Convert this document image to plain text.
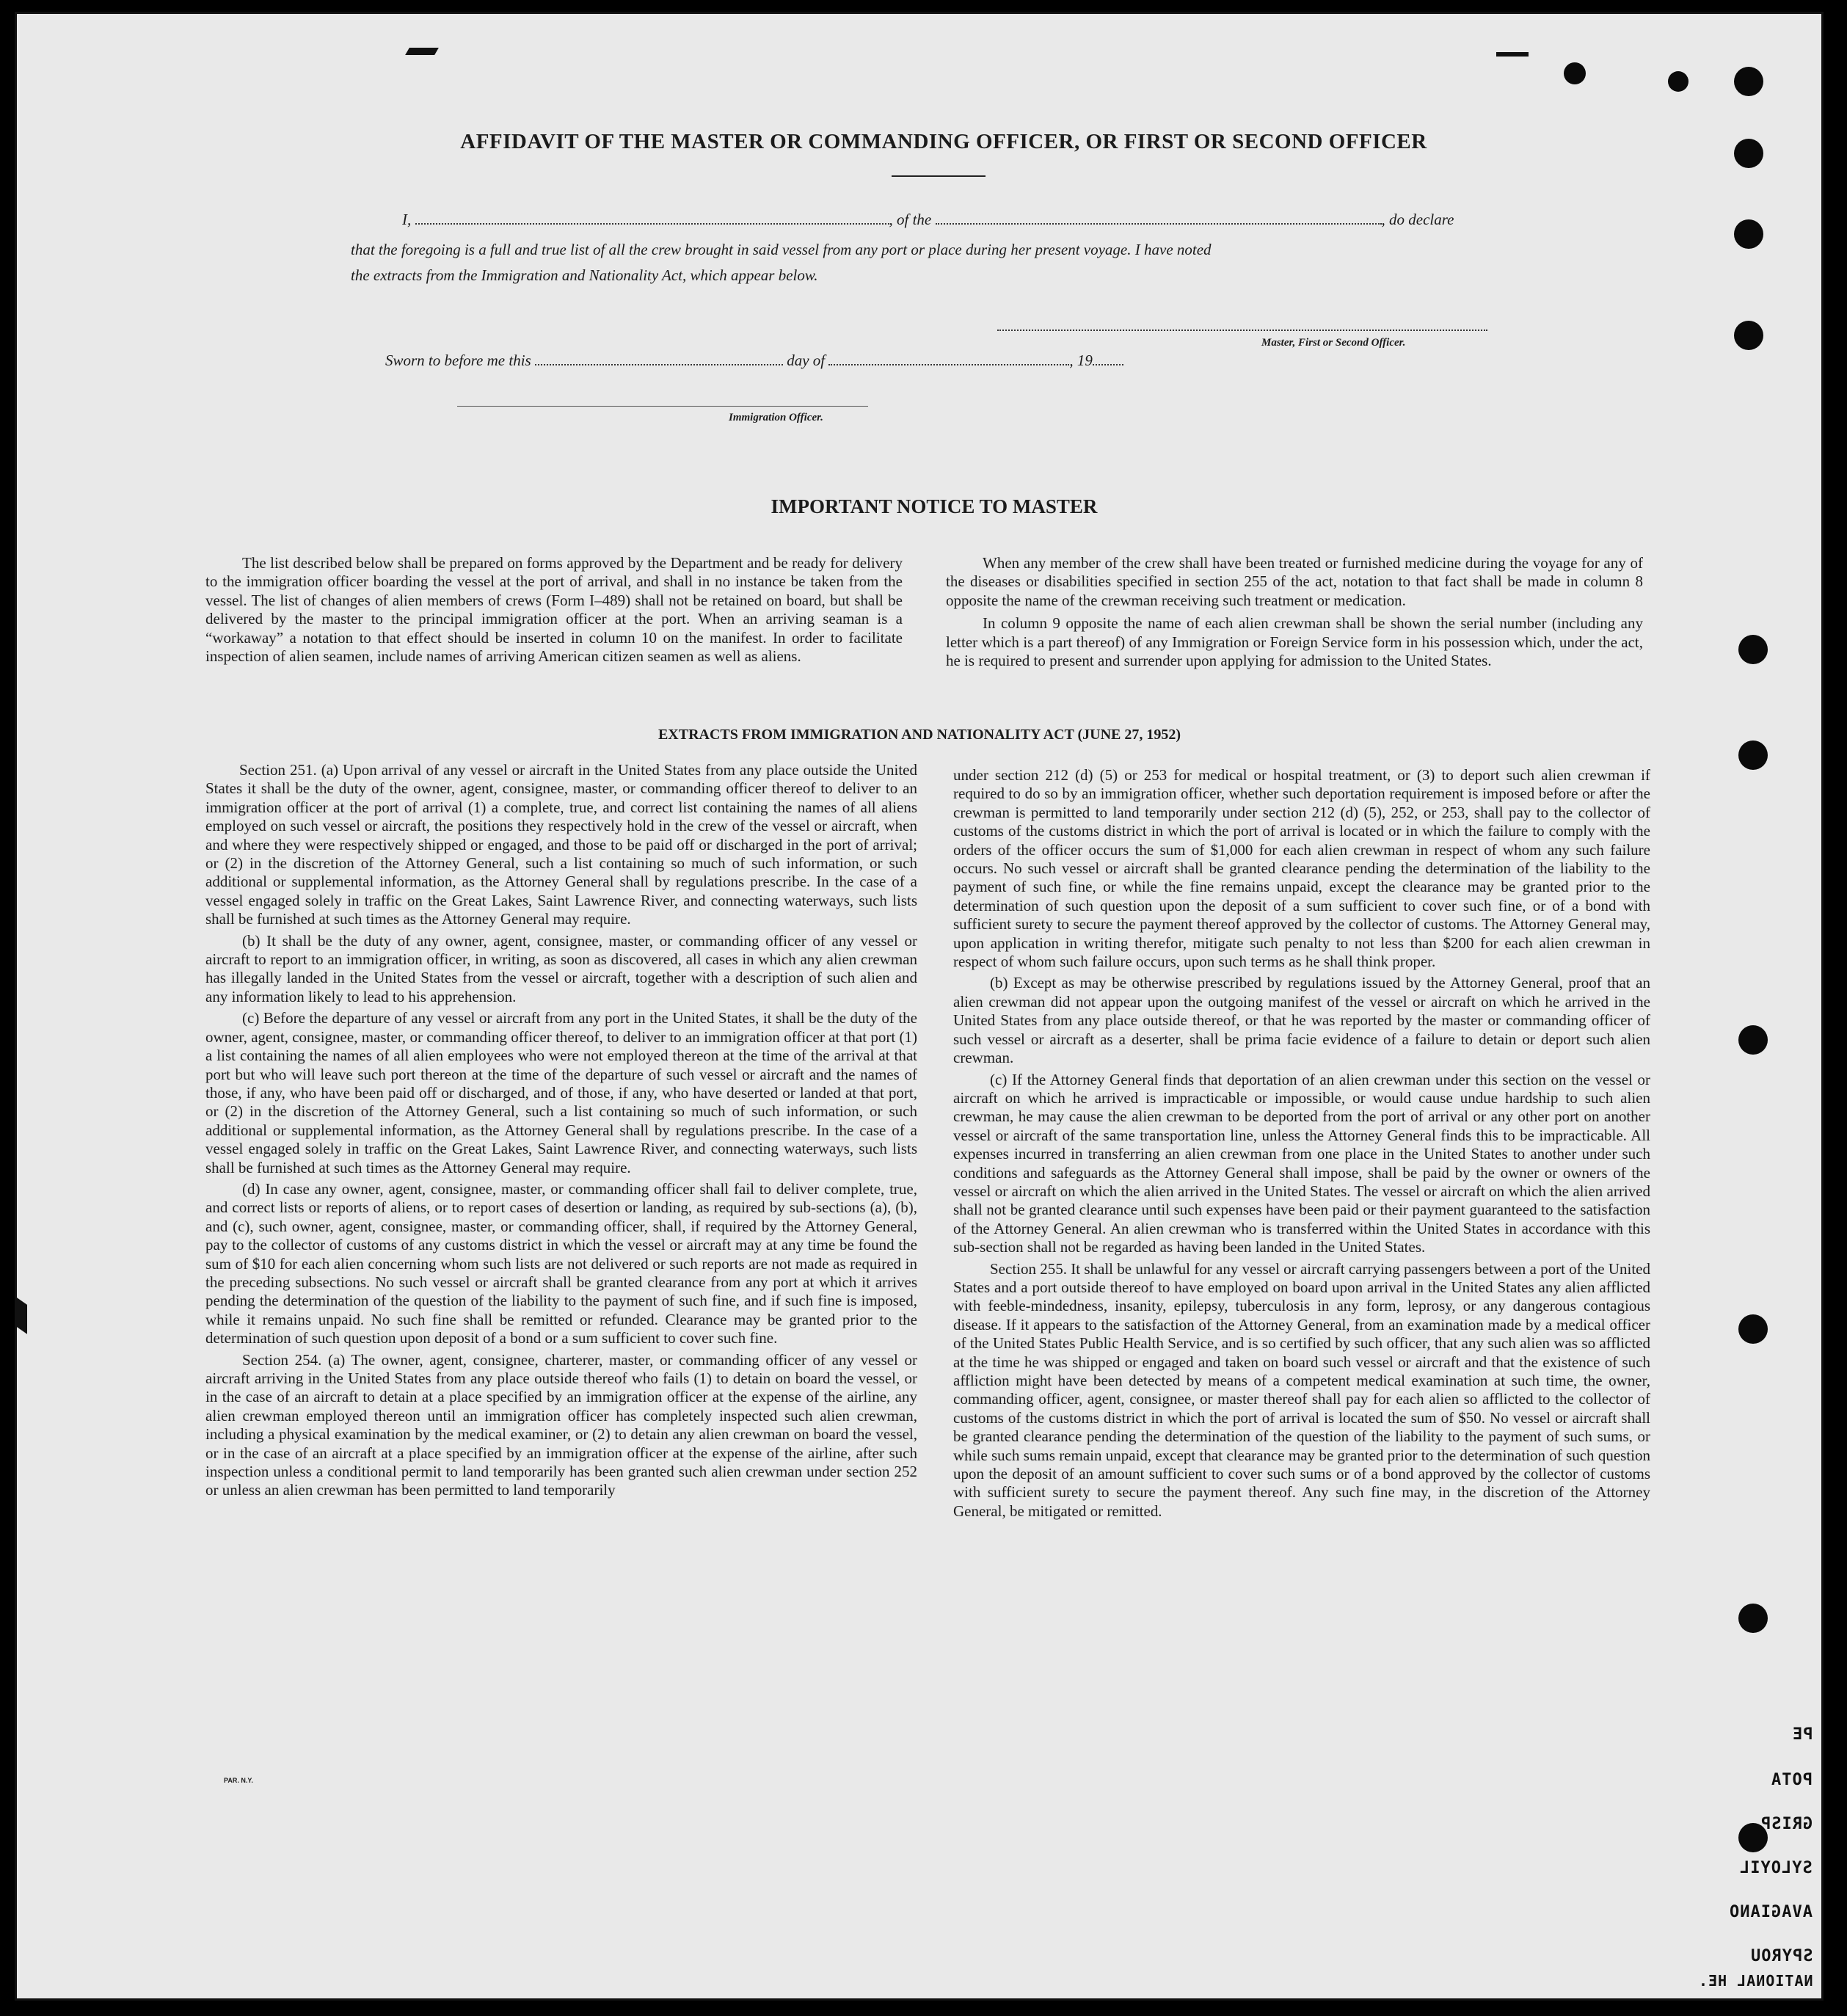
AFFIDAVIT OF THE MASTER OR COMMANDING OFFICER, OR FIRST OR SECOND OFFICER
I,	, of the	, do declare
that the foregoing is a full and true list of all the crew brought in said vessel from any port or place during her present voyage. I have noted
the extracts from the Immigration and Nationality Act, which appear below.
Master, First or Second Officer.
Sworn to before me this	day of	, 19
Immigration Officer.
IMPORTANT NOTICE TO MASTER

The list described below shall be prepared on forms approved by the Department and be ready for delivery to the immigration officer boarding the vessel at the port of arrival, and shall in no instance be taken from the vessel. The list of changes of alien members of crews (Form I–489) shall not be retained on board, but shall be delivered by the master to the principal immigration officer at the port. When an arriving seaman is a “workaway” a notation to that effect should be inserted in column 10 on the manifest. In order to facilitate inspection of alien seamen, include names of arriving American citizen seamen as well as aliens.

When any member of the crew shall have been treated or furnished medicine during the voyage for any of the diseases or disabilities specified in section 255 of the act, notation to that fact shall be made in column 8 opposite the name of the crewman receiving such treatment or medication.

In column 9 opposite the name of each alien crewman shall be shown the serial number (including any letter which is a part thereof) of any Immigration or Foreign Service form in his possession which, under the act, he is required to present and surrender upon applying for admission to the United States.

EXTRACTS FROM IMMIGRATION AND NATIONALITY ACT (JUNE 27, 1952)

Section 251. (a) Upon arrival of any vessel or aircraft in the United States from any place outside the United States it shall be the duty of the owner, agent, consignee, master, or commanding officer thereof to deliver to an immigration officer at the port of arrival (1) a complete, true, and correct list containing the names of all aliens employed on such vessel or aircraft, the positions they respectively hold in the crew of the vessel or aircraft, when and where they were respectively shipped or engaged, and those to be paid off or discharged in the port of arrival; or (2) in the discretion of the Attorney General, such a list containing so much of such information, or such additional or supplemental information, as the Attorney General shall by regulations prescribe. In the case of a vessel engaged solely in traffic on the Great Lakes, Saint Lawrence River, and connecting waterways, such lists shall be furnished at such times as the Attorney General may require.

(b) It shall be the duty of any owner, agent, consignee, master, or commanding officer of any vessel or aircraft to report to an immigration officer, in writing, as soon as discovered, all cases in which any alien crewman has illegally landed in the United States from the vessel or aircraft, together with a description of such alien and any information likely to lead to his apprehension.

(c) Before the departure of any vessel or aircraft from any port in the United States, it shall be the duty of the owner, agent, consignee, master, or commanding officer thereof, to deliver to an immigration officer at that port (1) a list containing the names of all alien employees who were not employed thereon at the time of the arrival at that port but who will leave such port thereon at the time of the departure of such vessel or aircraft and the names of those, if any, who have been paid off or discharged, and of those, if any, who have deserted or landed at that port, or (2) in the discretion of the Attorney General, such a list containing so much of such information, or such additional or supplemental information, as the Attorney General shall by regulations prescribe. In the case of a vessel engaged solely in traffic on the Great Lakes, Saint Lawrence River, and connecting waterways, such lists shall be furnished at such times as the Attorney General may require.

(d) In case any owner, agent, consignee, master, or commanding officer shall fail to deliver complete, true, and correct lists or reports of aliens, or to report cases of desertion or landing, as required by sub-sections (a), (b), and (c), such owner, agent, consignee, master, or commanding officer, shall, if required by the Attorney General, pay to the collector of customs of any customs district in which the vessel or aircraft may at any time be found the sum of $10 for each alien concerning whom such lists are not delivered or such reports are not made as required in the preceding subsections. No such vessel or aircraft shall be granted clearance from any port at which it arrives pending the determination of the question of the liability to the payment of such fine, and if such fine is imposed, while it remains unpaid. No such fine shall be remitted or refunded. Clearance may be granted prior to the determination of such question upon deposit of a bond or a sum sufficient to cover such fine.

Section 254. (a) The owner, agent, consignee, charterer, master, or commanding officer of any vessel or aircraft arriving in the United States from any place outside thereof who fails (1) to detain on board the vessel, or in the case of an aircraft to detain at a place specified by an immigration officer at the expense of the airline, any alien crewman employed thereon until an immigration officer has completely inspected such alien crewman, including a physical examination by the medical examiner, or (2) to detain any alien crewman on board the vessel, or in the case of an aircraft at a place specified by an immigration officer at the expense of the airline, after such inspection unless a conditional permit to land temporarily has been granted such alien crewman under section 252 or unless an alien crewman has been permitted to land temporarily

under section 212 (d) (5) or 253 for medical or hospital treatment, or (3) to deport such alien crewman if required to do so by an immigration officer, whether such deportation requirement is imposed before or after the crewman is permitted to land temporarily under section 212 (d) (5), 252, or 253, shall pay to the collector of customs of the customs district in which the port of arrival is located or in which the failure to comply with the orders of the officer occurs the sum of $1,000 for each alien crewman in respect of whom any such failure occurs. No such vessel or aircraft shall be granted clearance pending the determination of the liability to the payment of such fine, or while the fine remains unpaid, except the clearance may be granted prior to the determination of such question upon the deposit of a sum sufficient to cover such fine, or of a bond with sufficient surety to secure the payment thereof approved by the collector of customs. The Attorney General may, upon application in writing therefor, mitigate such penalty to not less than $200 for each alien crewman in respect of whom such failure occurs, upon such terms as he shall think proper.

(b) Except as may be otherwise prescribed by regulations issued by the Attorney General, proof that an alien crewman did not appear upon the outgoing manifest of the vessel or aircraft on which he arrived in the United States from any place outside thereof, or that he was reported by the master or commanding officer of such vessel or aircraft as a deserter, shall be prima facie evidence of a failure to detain or deport such alien crewman.

(c) If the Attorney General finds that deportation of an alien crewman under this section on the vessel or aircraft on which he arrived is impracticable or impossible, or would cause undue hardship to such alien crewman, he may cause the alien crewman to be deported from the port of arrival or any other port on another vessel or aircraft of the same transportation line, unless the Attorney General finds this to be impracticable. All expenses incurred in transferring an alien crewman from one place in the United States to another under such conditions and safeguards as the Attorney General shall impose, shall be paid by the owner or owners of the vessel or aircraft on which the alien arrived in the United States. The vessel or aircraft on which the alien arrived shall not be granted clearance until such expenses have been paid or their payment guaranteed to the satisfaction of the Attorney General. An alien crewman who is transferred within the United States in accordance with this sub-section shall not be regarded as having been landed in the United States.

Section 255. It shall be unlawful for any vessel or aircraft carrying passengers between a port of the United States and a port outside thereof to have employed on board upon arrival in the United States any alien afflicted with feeble-mindedness, insanity, epilepsy, tuberculosis in any form, leprosy, or any dangerous contagious disease. If it appears to the satisfaction of the Attorney General, from an examination made by a medical officer of the United States Public Health Service, and is so certified by such officer, that any such alien was so afflicted at the time he was shipped or engaged and taken on board such vessel or aircraft and that the existence of such affliction might have been detected by means of a competent medical examination at such time, the owner, commanding officer, agent, consignee, or master thereof shall pay for each alien so afflicted to the collector of customs of the customs district in which the port of arrival is located the sum of $50. No vessel or aircraft shall be granted clearance pending the determination of the question of the liability to the payment of such sums, or while such sums remain unpaid, except that clearance may be granted prior to the determination of such question upon the deposit of an amount sufficient to cover such sums or of a bond approved by the collector of customs with sufficient surety to secure the payment thereof. Any such fine may, in the discretion of the Attorney General, be mitigated or remitted.

PAR. N.Y.
PE
POTA
GRISP
SYLOYIL
AVAGIANO
SPYROU
NATIONAL HE.
